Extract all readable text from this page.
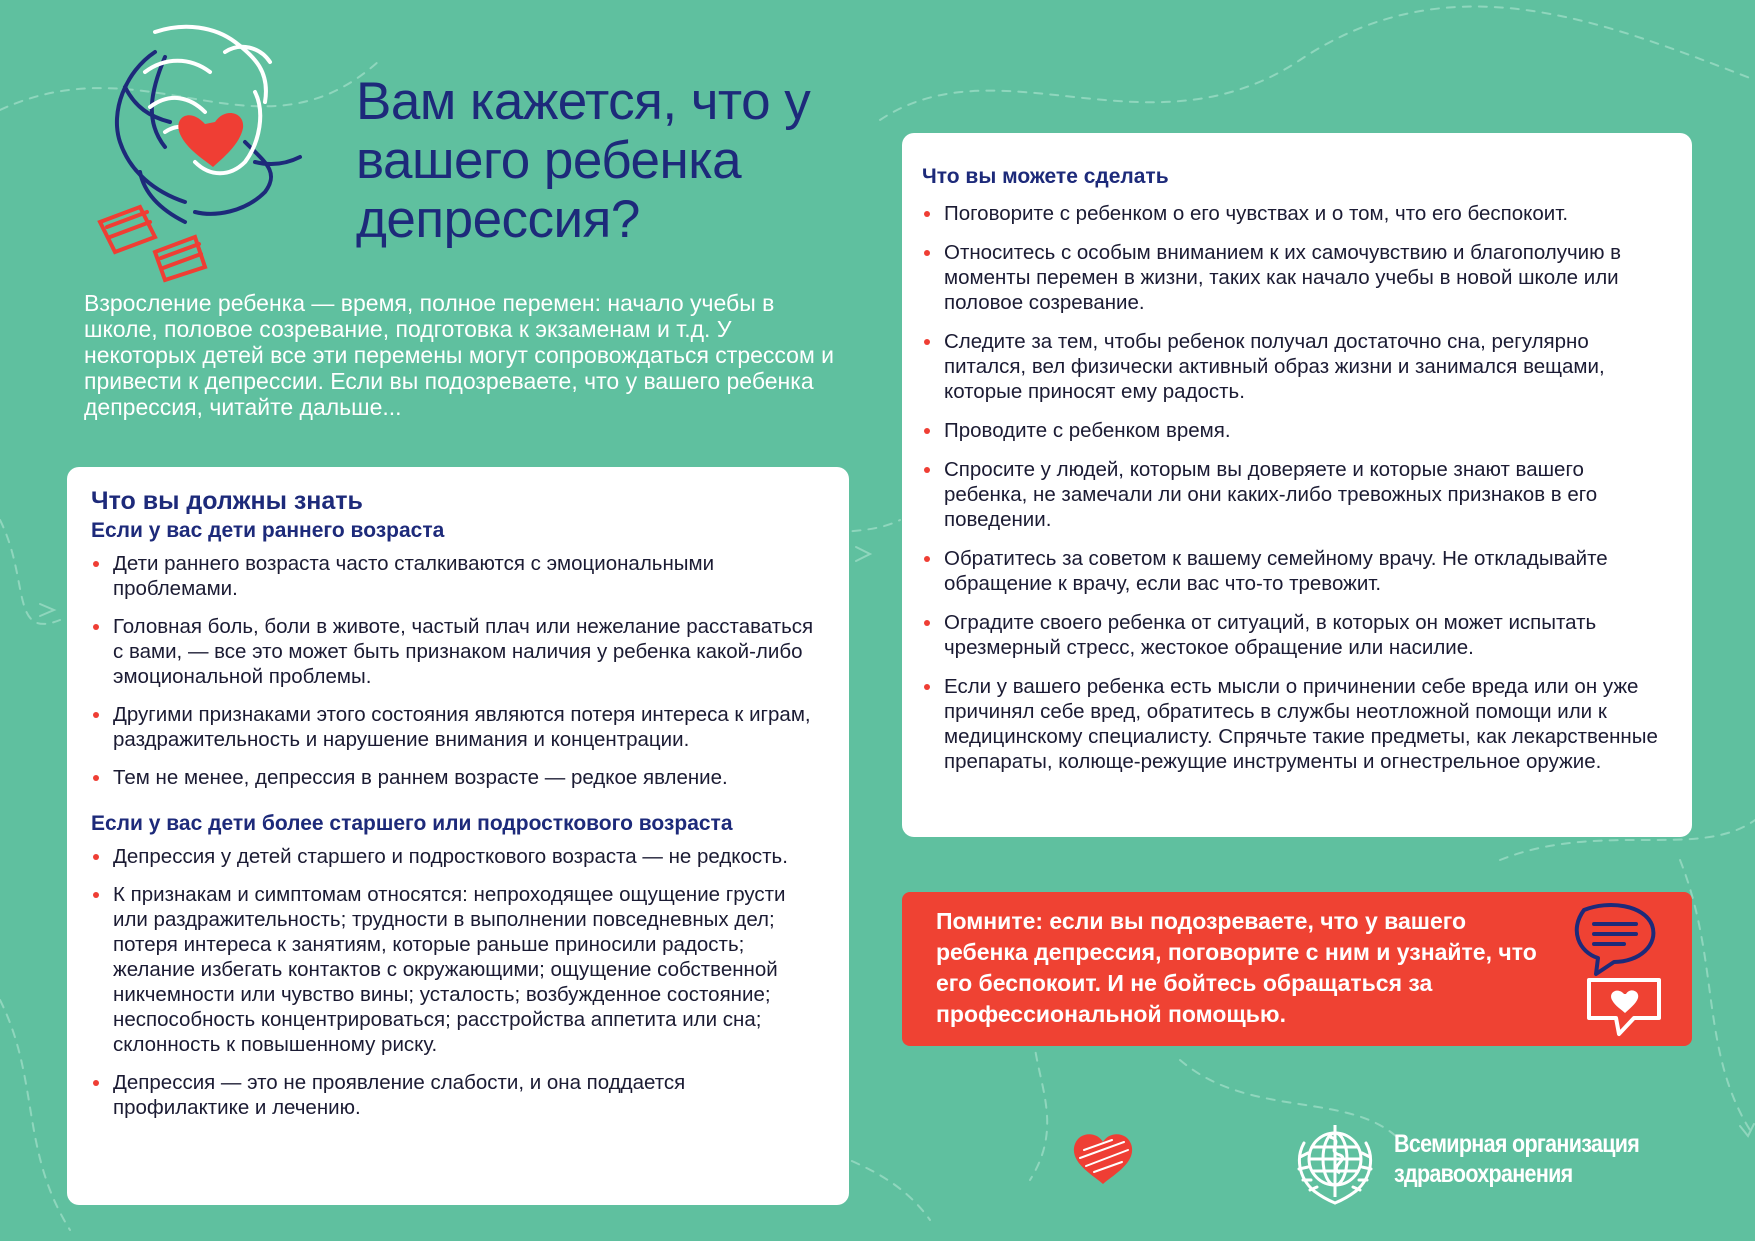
Вам кажется, что у вашего ребенка депрессия?

Взросление ребенка — время, полное перемен: начало учебы в школе, половое созревание, подготовка к экзаменам и т.д. У некоторых детей все эти перемены могут сопровождаться стрессом и привести к депрессии. Если вы подозреваете, что у вашего ребенка депрессия, читайте дальше...

Что вы должны знать
Если у вас дети раннего возраста
Дети раннего возраста часто сталкиваются с эмоциональными проблемами.
Головная боль, боли в животе, частый плач или нежелание расставаться с вами, — все это может быть признаком наличия у ребенка какой-либо эмоциональной проблемы.
Другими признаками этого состояния являются потеря интереса к играм, раздражительность и нарушение внимания и концентрации.
Тем не менее, депрессия в раннем возрасте — редкое явление.
Если у вас дети более старшего или подросткового возраста
Депрессия у детей старшего и подросткового возраста — не редкость.
К признакам и симптомам относятся: непроходящее ощущение грусти или раздражительность; трудности в выполнении повседневных дел; потеря интереса к занятиям, которые раньше приносили радость; желание избегать контактов с окружающими; ощущение собственной никчемности или чувство вины; усталость; возбужденное состояние; неспособность концентрироваться; расстройства аппетита или сна; склонность к повышенному риску.
Депрессия — это не проявление слабости, и она поддается профилактике и лечению.
Что вы можете сделать
Поговорите с ребенком о его чувствах и о том, что его беспокоит.
Относитесь с особым вниманием к их самочувствию и благополучию в моменты перемен в жизни, таких как начало учебы в новой школе или половое созревание.
Следите за тем, чтобы ребенок получал достаточно сна, регулярно питался, вел физически активный образ жизни и занимался вещами, которые приносят ему радость.
Проводите с ребенком время.
Спросите у людей, которым вы доверяете и которые знают вашего ребенка, не замечали ли они каких-либо тревожных признаков в его поведении.
Обратитесь за советом к вашему семейному врачу. Не откладывайте обращение к врачу, если вас что-то тревожит.
Оградите своего ребенка от ситуаций, в которых он может испытать чрезмерный стресс, жестокое обращение или насилие.
Если у вашего ребенка есть мысли о причинении себе вреда или он уже причинял себе вред, обратитесь в службы неотложной помощи или к медицинскому специалисту. Спрячьте такие предметы, как лекарственные препараты, колюще-режущие инструменты и огнестрельное оружие.

Помните: если вы подозреваете, что у вашего ребенка депрессия, поговорите с ним и узнайте, что его беспокоит. И не бойтесь обращаться за профессиональной помощью.

Всемирная организация
здравоохранения
